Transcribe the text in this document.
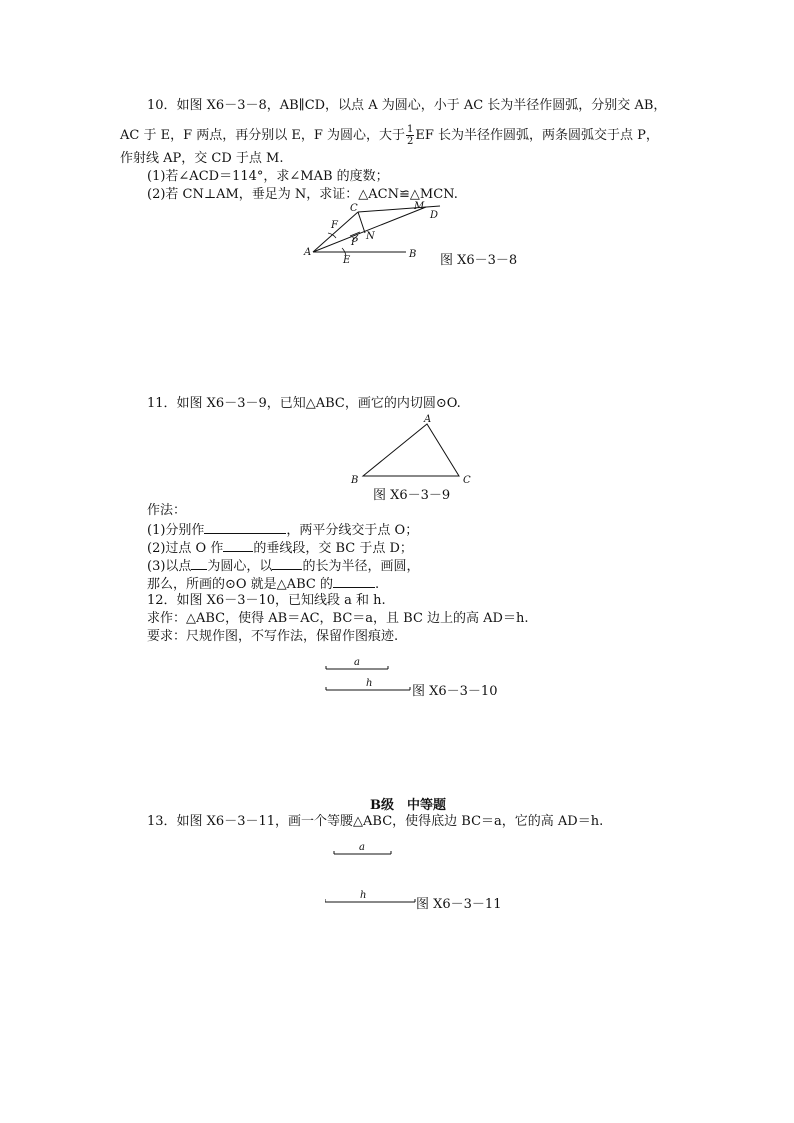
10．如图 X6－3－8，AB∥CD，以点 A 为圆心，小于 AC 长为半径作圆弧，分别交 AB，
AC 于 E，F 两点，再分别以 E，F 为圆心，大于 $\frac{1}{2}$ EF 长为半径作圆弧，两条圆弧交于点 P，
作射线 AP，交 CD 于点 M.
(1)若∠ACD＝114°，求∠MAB 的度数；
(2)若 CN⊥AM，垂足为 N，求证：△ACN≌△MCN.
A	B
C
D
E
F
M
N
P
图 X6－3－8
11．如图 X6－3－9，已知△ABC，画它的内切圆⊙O.
A
B	C
图 X6－3－9
作法：
(1)分别作	，两平分线交于点 O；
(2)过点 O 作 的垂线段，交 BC 于点 D；
(3)以点 为圆心，以 的长为半径，画圆，
那么，所画的⊙O 就是△ABC 的	.
12．如图 X6－3－10，已知线段 a 和 h.
求作：△ABC，使得 AB＝AC，BC＝a，且 BC 边上的高 AD＝h.
要求：尺规作图，不写作法，保留作图痕迹.
a
h
图 X6－3－10
B级　中等题
13．如图 X6－3－11，画一个等腰△ABC，使得底边 BC＝a，它的高 AD＝h.
a
h
图 X6－3－11
